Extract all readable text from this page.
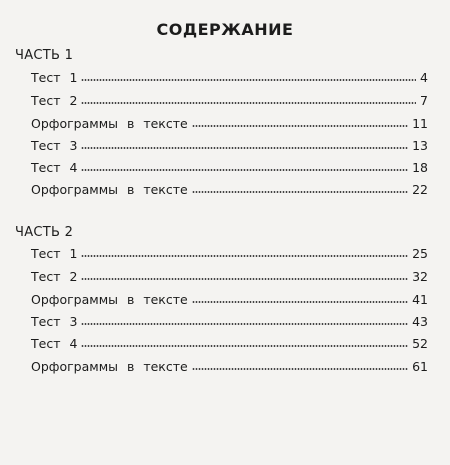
СОДЕРЖАНИЕ
ЧАСТЬ 1
Тест 1	4
Тест 2	7
Орфограммы в тексте	11
Тест 3	13
Тест 4	18
Орфограммы в тексте	22
ЧАСТЬ 2
Тест 1	25
Тест 2	32
Орфограммы в тексте	41
Тест 3	43
Тест 4	52
Орфограммы в тексте	61
